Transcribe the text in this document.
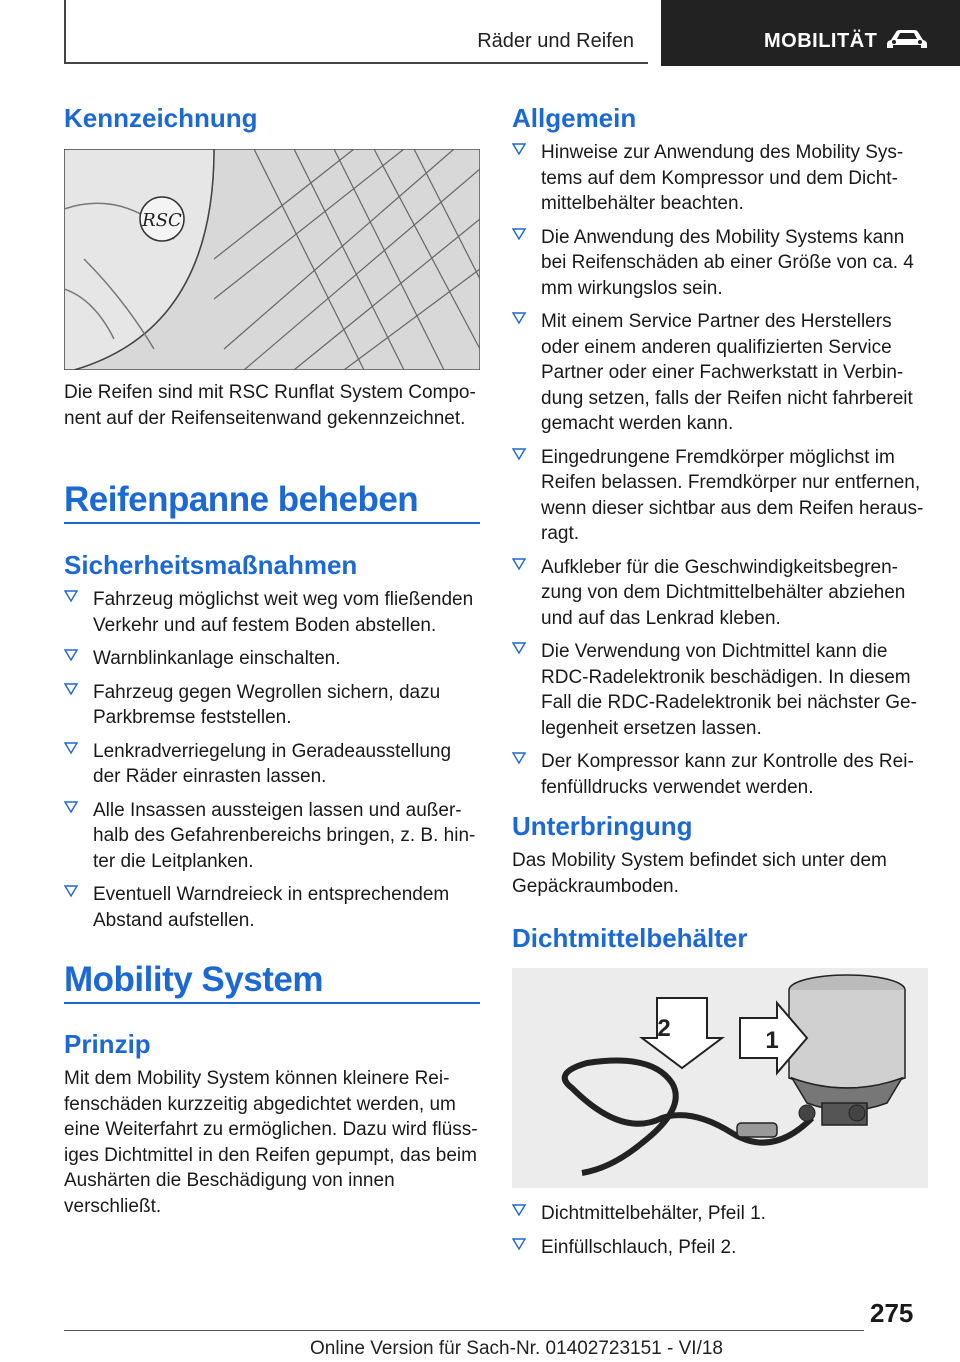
Räder und Reifen	MOBILITÄT
Kennzeichnung
RSC

Die Reifen sind mit RSC Runflat System Component auf der Reifenseitenwand gekennzeichnet.

Reifenpanne beheben
Sicherheitsmaßnahmen
Fahrzeug möglichst weit weg vom fließenden Verkehr und auf festem Boden abstellen.
Warnblinkanlage einschalten.
Fahrzeug gegen Wegrollen sichern, dazu Parkbremse feststellen.
Lenkradverriegelung in Geradeausstellung der Räder einrasten lassen.
Alle Insassen aussteigen lassen und außerhalb des Gefahrenbereichs bringen, z. B. hinter die Leitplanken.
Eventuell Warndreieck in entsprechendem Abstand aufstellen.
Mobility System
Prinzip

Mit dem Mobility System können kleinere Reifenschäden kurzzeitig abgedichtet werden, um eine Weiterfahrt zu ermöglichen. Dazu wird flüssiges Dichtmittel in den Reifen gepumpt, das beim Aushärten die Beschädigung von innen verschließt.

Allgemein
Hinweise zur Anwendung des Mobility Systems auf dem Kompressor und dem Dichtmittelbehälter beachten.
Die Anwendung des Mobility Systems kann bei Reifenschäden ab einer Größe von ca. 4 mm wirkungslos sein.
Mit einem Service Partner des Herstellers oder einem anderen qualifizierten Service Partner oder einer Fachwerkstatt in Verbindung setzen, falls der Reifen nicht fahrbereit gemacht werden kann.
Eingedrungene Fremdkörper möglichst im Reifen belassen. Fremdkörper nur entfernen, wenn dieser sichtbar aus dem Reifen herausragt.
Aufkleber für die Geschwindigkeitsbegrenzung von dem Dichtmittelbehälter abziehen und auf das Lenkrad kleben.
Die Verwendung von Dichtmittel kann die RDC-Radelektronik beschädigen. In diesem Fall die RDC-Radelektronik bei nächster Gelegenheit ersetzen lassen.
Der Kompressor kann zur Kontrolle des Reifenfülldrucks verwendet werden.
Unterbringung

Das Mobility System befindet sich unter dem Gepäckraumboden.

Dichtmittelbehälter
2	1
Dichtmittelbehälter, Pfeil 1.
Einfüllschlauch, Pfeil 2.
275
Online Version für Sach-Nr. 01402723151 - VI/18
